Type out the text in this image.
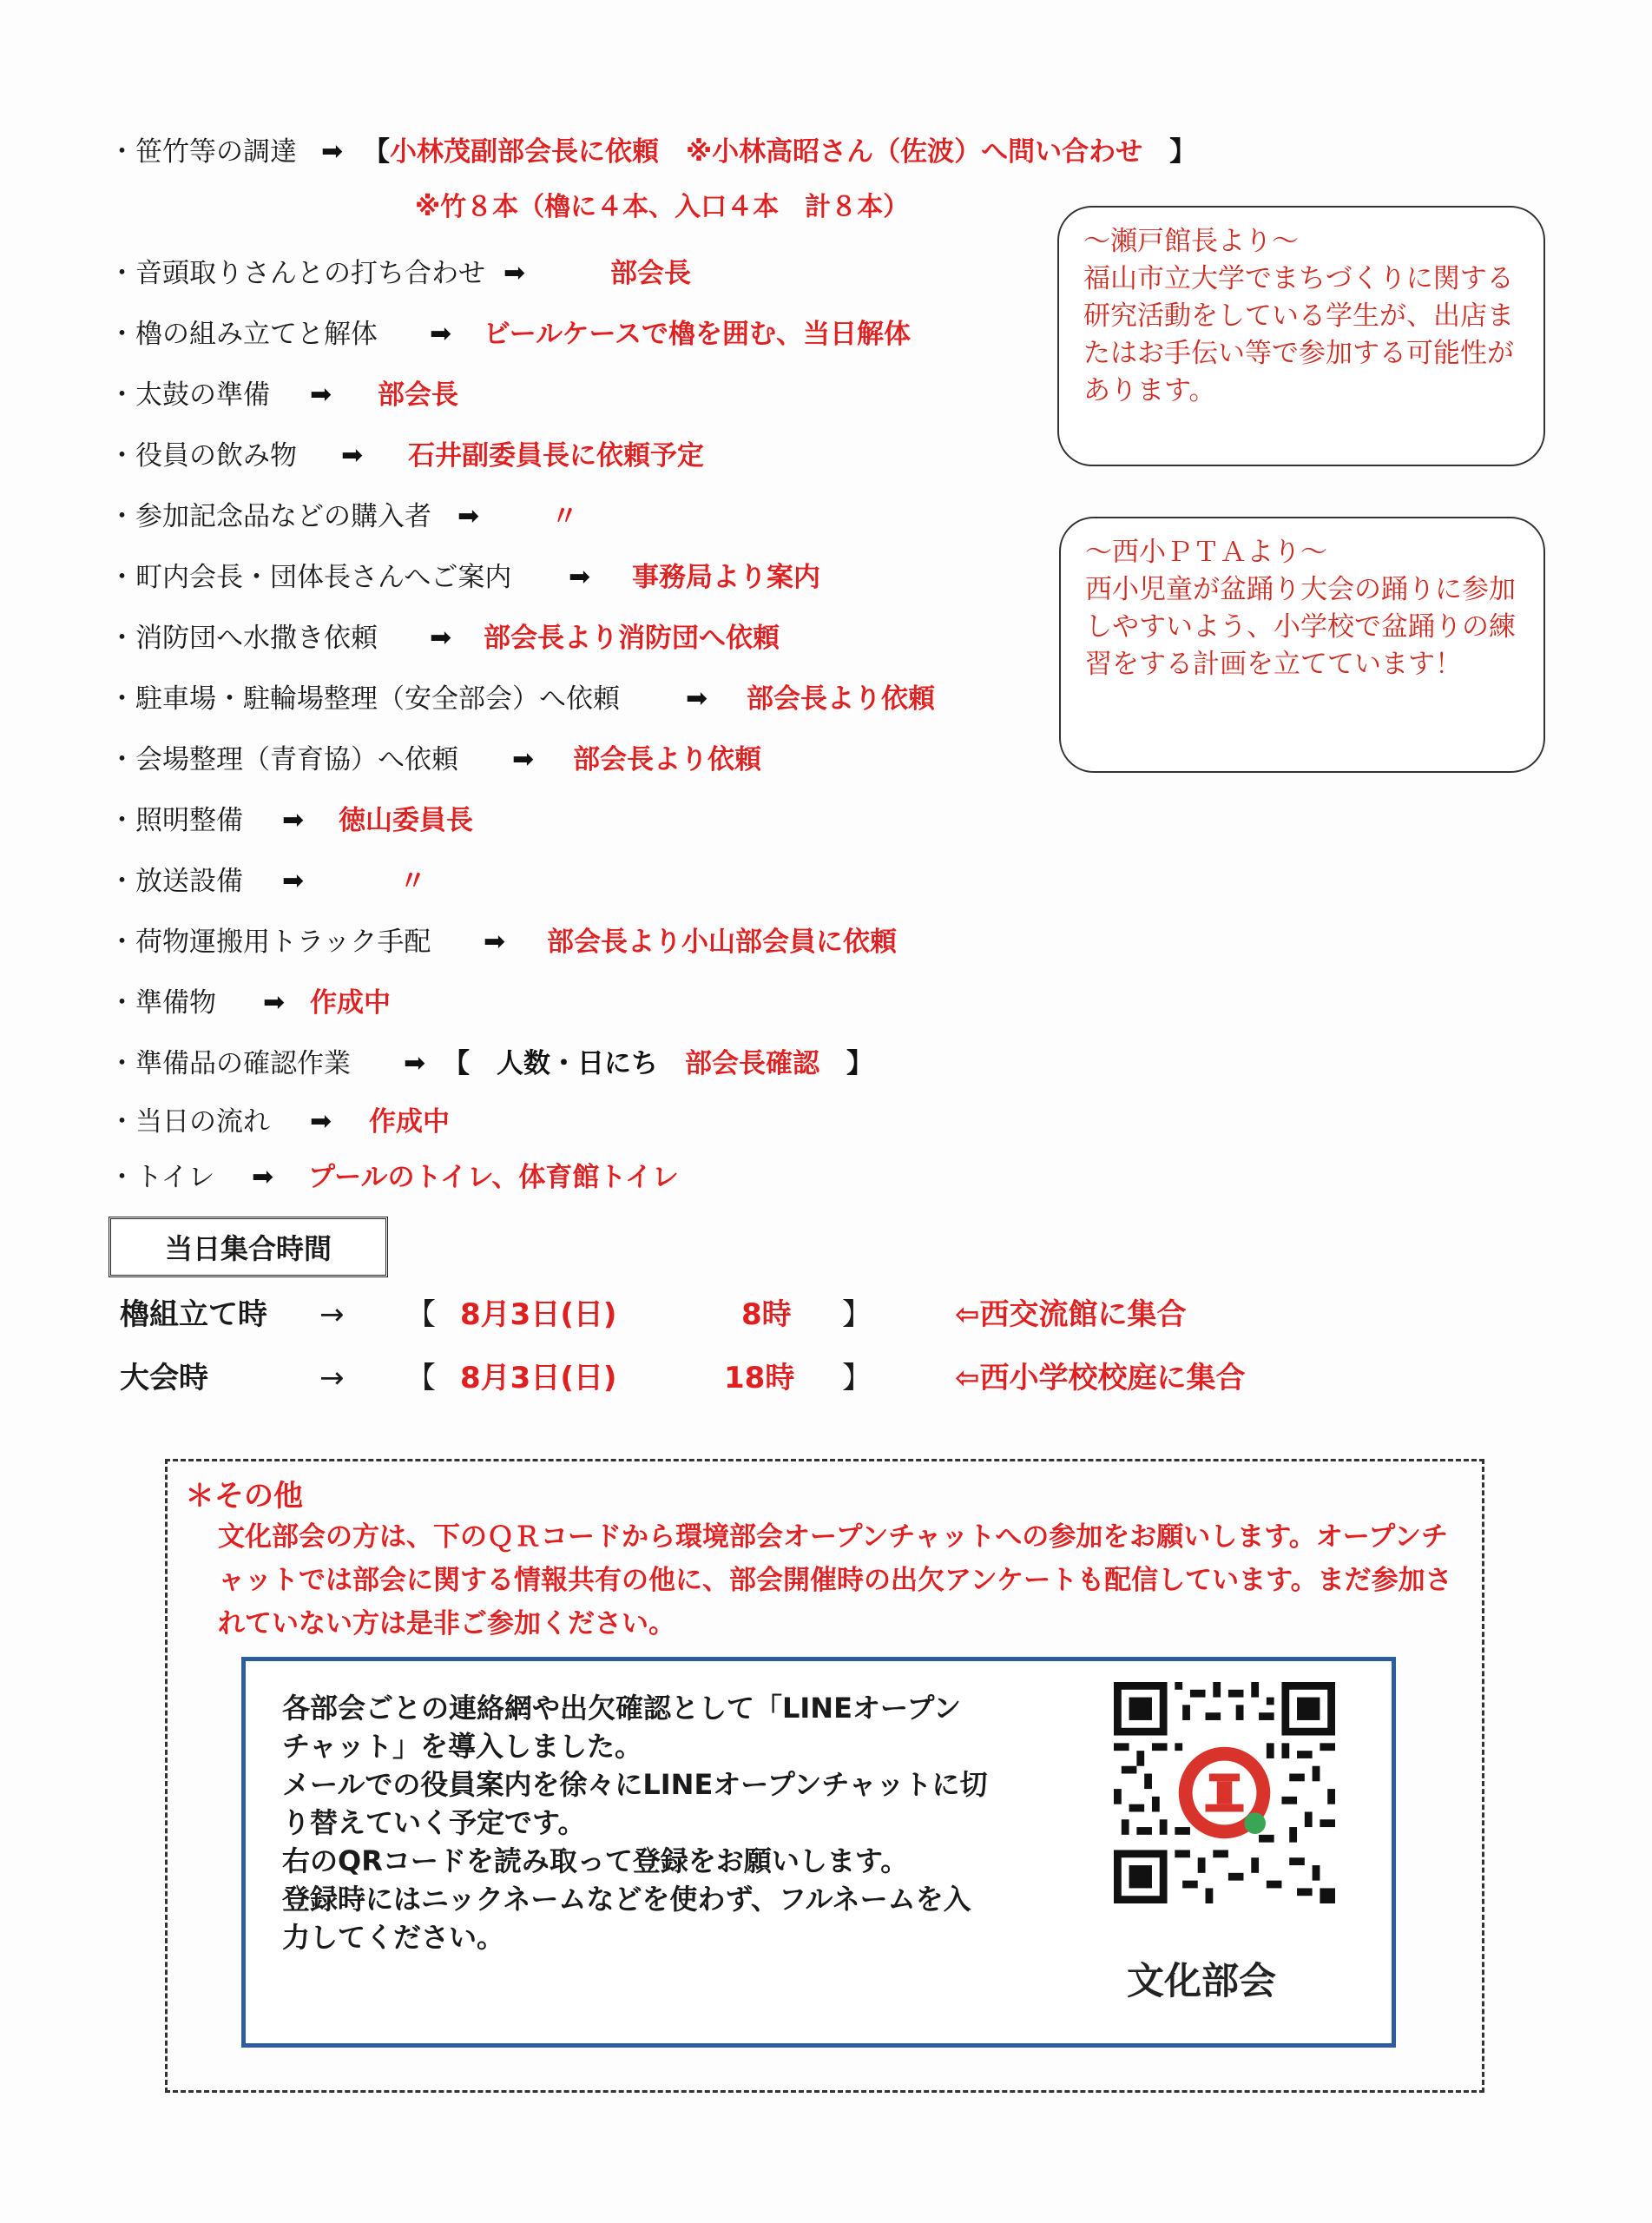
・笹竹等の調達 ➡ 【小林茂副部会長に依頼　※小林高昭さん（佐波）へ問い合わせ　 】
・音頭取りさんとの打ち合わせ ➡	部会長
・櫓の組み立てと解体 ➡ ビールケースで櫓を囲む、当日解体
・太鼓の準備 ➡ 部会長
・役員の飲み物 ➡ 石井副委員長に依頼予定
・参加記念品などの購入者 ➡	〃
・町内会長・団体長さんへご案内 ➡ 事務局より案内
・消防団へ水撒き依頼 ➡ 部会長より消防団へ依頼
・駐車場・駐輪場整理（安全部会）へ依頼	➡ 部会長より依頼
・会場整理（青育協）へ依頼 ➡ 部会長より依頼
・照明整備 ➡ 徳山委員長
・放送設備 ➡	〃
・荷物運搬用トラック手配 ➡ 部会長より小山部会員に依頼
・準備物 ➡ 作成中
・準備品の確認作業 ➡ 【　 人数・日にち　 部会長確認　 】
・当日の流れ ➡ 作成中
・トイレ ➡ プールのトイレ、体育館トイレ
※竹８本（櫓に４本、入口４本　計８本）
～瀬戸館長より～
福山市立大学でまちづくりに関する研究活動をしている学生が、出店またはお手伝い等で参加する可能性があります。
～西小ＰＴＡより～
西小児童が盆踊り大会の踊りに参加しやすいよう、小学校で盆踊りの練習をする計画を立てています！
当日集合時間
櫓組立て時 → 【 8月3日(日)	8時 】	⇦西交流館に集合
大会時	→ 【 8月3日(日)	18時 】	⇦西小学校校庭に集合
＊その他
文化部会の方は、下のＱＲコードから環境部会オープンチャットへの参加をお願いします。オープンチャットでは部会に関する情報共有の他に、部会開催時の出欠アンケートも配信しています。まだ参加されていない方は是非ご参加ください。
各部会ごとの連絡網や出欠確認として「LINEオープン
チャット」を導入しました。
メールでの役員案内を徐々にLINEオープンチャットに切
り替えていく予定です。
右のQRコードを読み取って登録をお願いします。
登録時にはニックネームなどを使わず、フルネームを入
力してください。
文化部会
